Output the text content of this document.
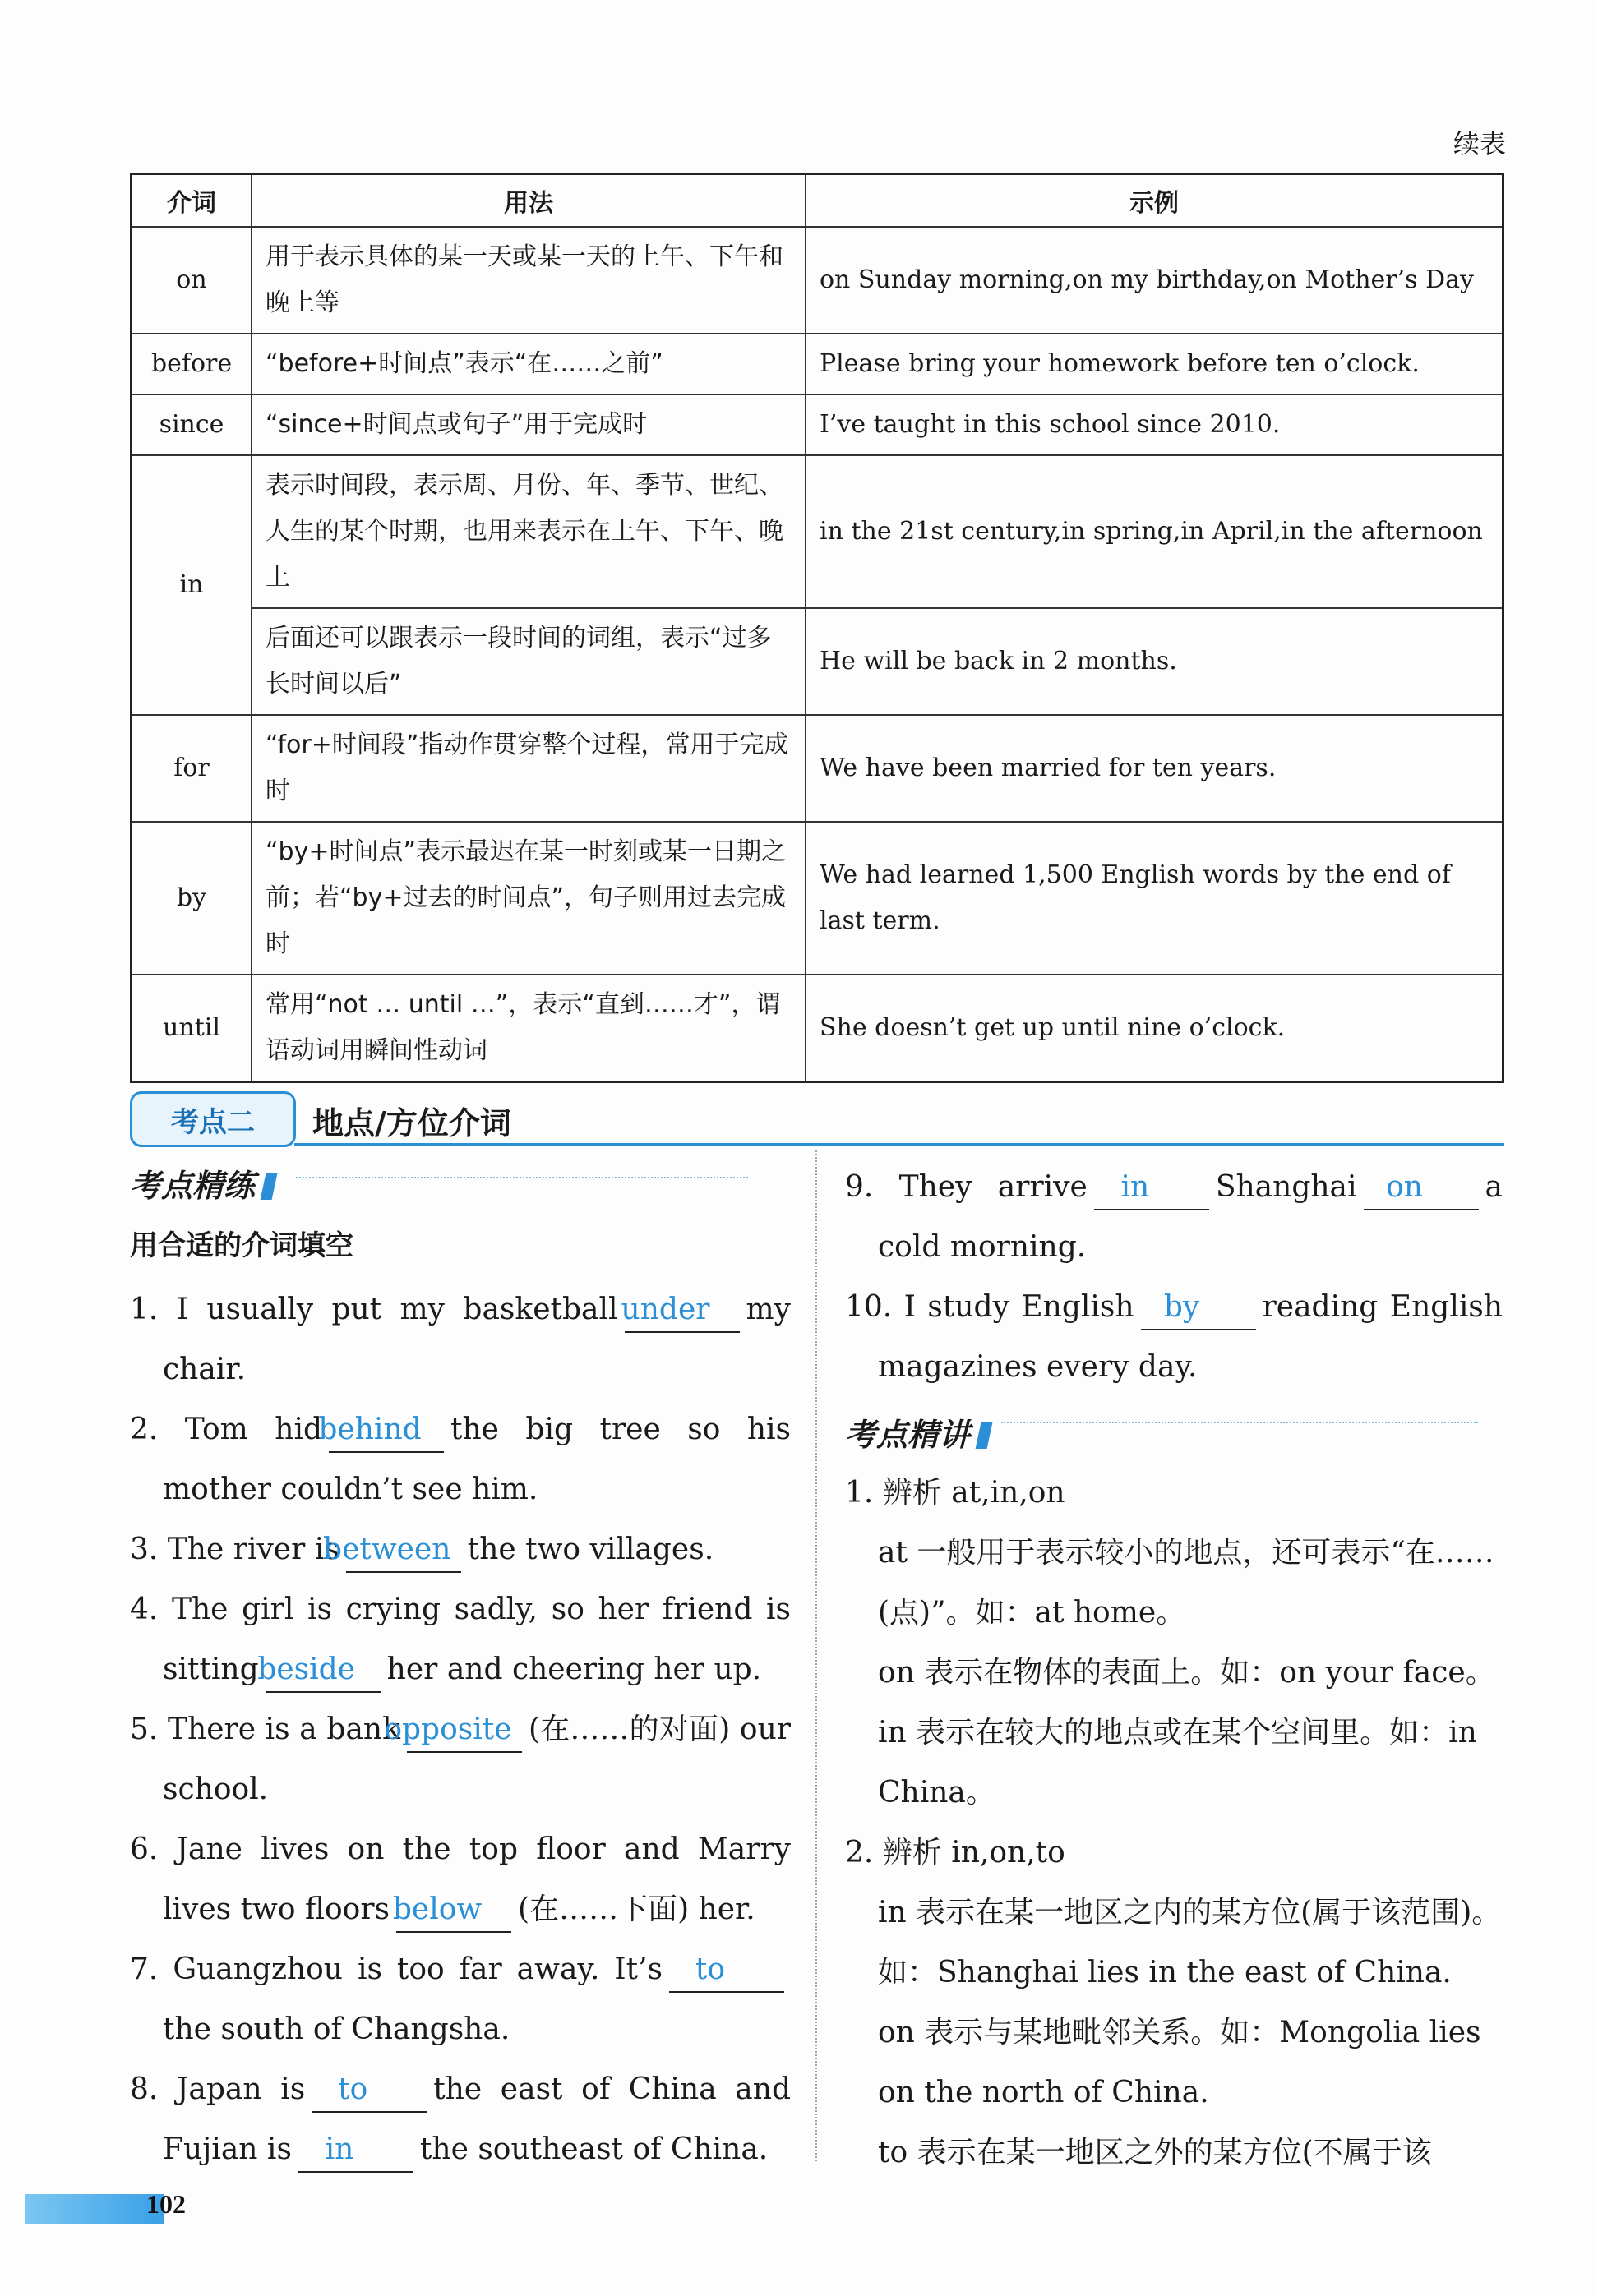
续表
介词	用法	示例
on	用于表示具体的某一天或某一天的上午、下午和晚上等	on Sunday morning,on my birthday,on Mother’s Day
before	“before+时间点”表示“在……之前”	Please bring your homework before ten o’clock.
since	“since+时间点或句子”用于完成时	I’ve taught in this school since 2010.
in	表示时间段，表示周、月份、年、季节、世纪、人生的某个时期，也用来表示在上午、下午、晚上	in the 21st century,in spring,in April,in the afternoon
	后面还可以跟表示一段时间的词组，表示“过多长时间以后”	He will be back in 2 months.
for	“for+时间段”指动作贯穿整个过程，常用于完成时	We have been married for ten years.
by	“by+时间点”表示最迟在某一时刻或某一日期之前；若“by+过去的时间点”，句子则用过去完成时	We had learned 1,500 English words by the end of last term.
until	常用“not … until …”，表示“直到……才”，谓语动词用瞬间性动词	She doesn’t get up until nine o’clock.
考点二	地点/方位介词
考点精练
用合适的介词填空
1. I usually put my basketball under my chair.
2. Tom hidbehind the big tree so his mother couldn’t see him.
3. The river isbetween the two villages.
4. The girl is crying sadly, so her friend is sittingbeside her and cheering her up.
5. There is a bankopposite (在……的对面) our school.
6. Jane lives on the top floor and Marry lives two floors below (在……下面) her.
7. Guangzhou is too far away. It’s tothe south of Changsha.
8. Japan is to the east of China and Fujian is in the southeast of China.
9. They arrive in Shanghai on a cold morning.
10. I study English by reading English magazines every day.
考点精讲
1. 辨析 at,in,on
at 一般用于表示较小的地点，还可表示“在……(点)”。如：at home。
on 表示在物体的表面上。如：on your face。
in 表示在较大的地点或在某个空间里。如：in China。
2. 辨析 in,on,to
in 表示在某一地区之内的某方位(属于该范围)。如：Shanghai lies in the east of China.
on 表示与某地毗邻关系。如：Mongolia lies on the north of China.
to 表示在某一地区之外的某方位(不属于该
102
